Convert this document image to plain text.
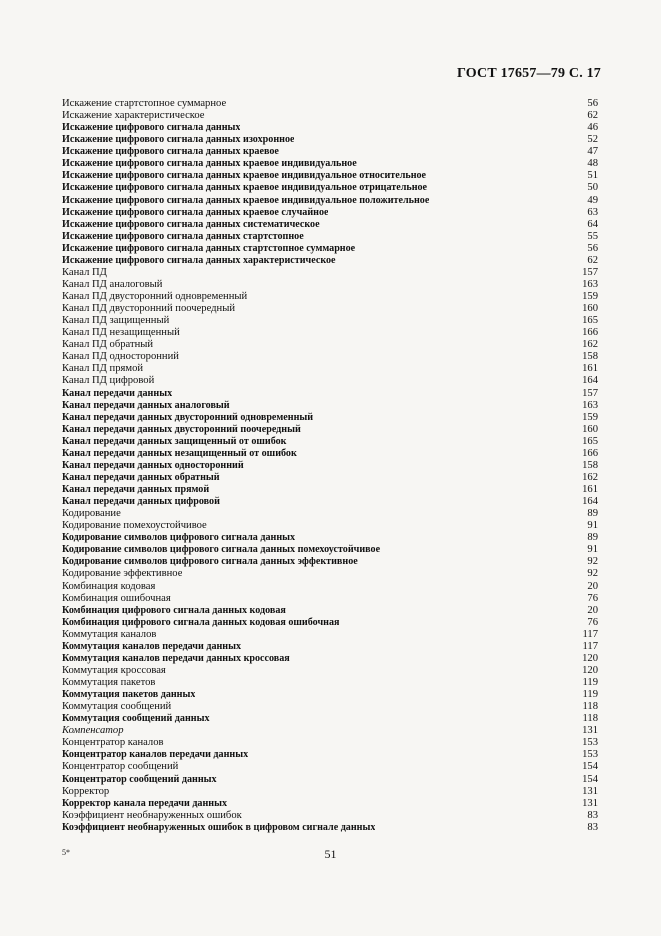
ГОСТ 17657—79 С. 17
Искажение стартстопное суммарное	56
Искажение характеристическое	62
Искажение цифрового сигнала данных	46
Искажение цифрового сигнала данных изохронное	52
Искажение цифрового сигнала данных краевое	47
Искажение цифрового сигнала данных краевое индивидуальное	48
Искажение цифрового сигнала данных краевое индивидуальное относительное	51
Искажение цифрового сигнала данных краевое индивидуальное отрицательное	50
Искажение цифрового сигнала данных краевое индивидуальное положительное	49
Искажение цифрового сигнала данных краевое случайное	63
Искажение цифрового сигнала данных систематическое	64
Искажение цифрового сигнала данных стартстопное	55
Искажение цифрового сигнала данных стартстопное суммарное	56
Искажение цифрового сигнала данных характеристическое	62
Канал ПД	157
Канал ПД аналоговый	163
Канал ПД двусторонний одновременный	159
Канал ПД двусторонний поочередный	160
Канал ПД защищенный	165
Канал ПД незащищенный	166
Канал ПД обратный	162
Канал ПД односторонний	158
Канал ПД прямой	161
Канал ПД цифровой	164
Канал передачи данных	157
Канал передачи данных аналоговый	163
Канал передачи данных двусторонний одновременный	159
Канал передачи данных двусторонний поочередный	160
Канал передачи данных защищенный от ошибок	165
Канал передачи данных незащищенный от ошибок	166
Канал передачи данных односторонний	158
Канал передачи данных обратный	162
Канал передачи данных прямой	161
Канал передачи данных цифровой	164
Кодирование	89
Кодирование помехоустойчивое	91
Кодирование символов цифрового сигнала данных	89
Кодирование символов цифрового сигнала данных помехоустойчивое	91
Кодирование символов цифрового сигнала данных эффективное	92
Кодирование эффективное	92
Комбинация кодовая	20
Комбинация ошибочная	76
Комбинация цифрового сигнала данных кодовая	20
Комбинация цифрового сигнала данных кодовая ошибочная	76
Коммутация каналов	117
Коммутация каналов передачи данных	117
Коммутация каналов передачи данных кроссовая	120
Коммутация кроссовая	120
Коммутация пакетов	119
Коммутация пакетов данных	119
Коммутация сообщений	118
Коммутация сообщений данных	118
Компенсатор	131
Концентратор каналов	153
Концентратор каналов передачи данных	153
Концентратор сообщений	154
Концентратор сообщений данных	154
Корректор	131
Корректор канала передачи данных	131
Коэффициент необнаруженных ошибок	83
Коэффициент необнаруженных ошибок в цифровом сигнале данных	83
5*	51
